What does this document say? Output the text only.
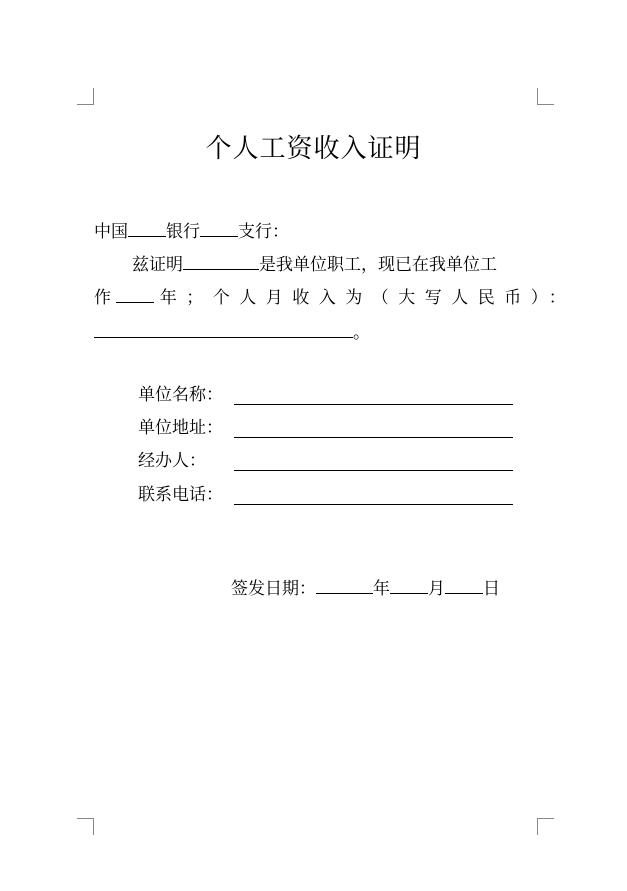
个人工资收入证明
中国 银行 支行：
兹证明	是我单位职工，现已在我单位工
作	年；个人月收入为（大写人民币）：
。
单位名称：
单位地址：
经办人：
联系电话：
签发日期：	年 月 日
